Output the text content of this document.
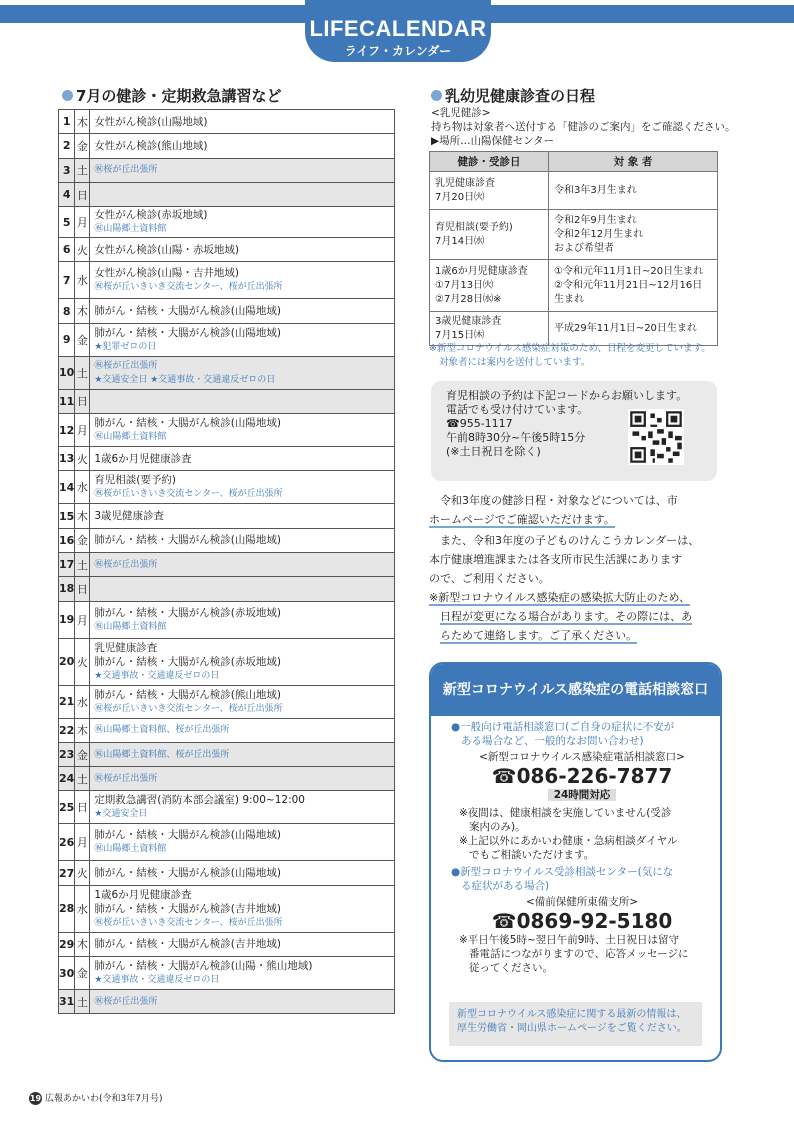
LIFECALENDAR
ライフ・カレンダー
7月の健診・定期救急講習など
1	木	女性がん検診(山陽地域)

2	金	女性がん検診(熊山地域)

3	土	㊗桜が丘出張所

4	日	
5	月	女性がん検診(赤坂地域)
㊗山陽郷土資料館

6	火	女性がん検診(山陽・赤坂地域)

7	水	女性がん検診(山陽・吉井地域)
㊗桜が丘いきいき交流センター、桜が丘出張所

8	木	肺がん・結核・大腸がん検診(山陽地域)

9	金	肺がん・結核・大腸がん検診(山陽地域)
★犯罪ゼロの日

10	土	㊗桜が丘出張所
★交通安全日 ★交通事故・交通違反ゼロの日

11	日	
12	月	肺がん・結核・大腸がん検診(山陽地域)
㊗山陽郷土資料館

13	火	1歳6か月児健康診査

14	水	育児相談(要予約)
㊗桜が丘いきいき交流センター、桜が丘出張所

15	木	3歳児健康診査

16	金	肺がん・結核・大腸がん検診(山陽地域)

17	土	㊗桜が丘出張所

18	日	
19	月	肺がん・結核・大腸がん検診(赤坂地域)
㊗山陽郷土資料館

20	火	乳児健康診査
肺がん・結核・大腸がん検診(赤坂地域)
★交通事故・交通違反ゼロの日

21	水	肺がん・結核・大腸がん検診(熊山地域)
㊗桜が丘いきいき交流センター、桜が丘出張所

22	木	㊗山陽郷土資料館、桜が丘出張所

23	金	㊗山陽郷土資料館、桜が丘出張所

24	土	㊗桜が丘出張所

25	日	定期救急講習(消防本部会議室) 9:00~12:00
★交通安全日

26	月	肺がん・結核・大腸がん検診(山陽地域)
㊗山陽郷土資料館

27	火	肺がん・結核・大腸がん検診(山陽地域)

28	水	1歳6か月児健康診査
肺がん・結核・大腸がん検診(吉井地域)
㊗桜が丘いきいき交流センター、桜が丘出張所

29	木	肺がん・結核・大腸がん検診(吉井地域)

30	金	肺がん・結核・大腸がん検診(山陽・熊山地域)
★交通事故・交通違反ゼロの日

31	土	㊗桜が丘出張所
乳幼児健康診査の日程
<乳児健診>
持ち物は対象者へ送付する「健診のご案内」をご確認ください。
▶場所…山陽保健センター
健診・受診日	対 象 者

乳児健康診査
7月20日㈫	令和3年3月生まれ

育児相談(要予約)
7月14日㈬	令和2年9月生まれ
令和2年12月生まれ
および希望者

1歳6か月児健康診査
①7月13日㈫
②7月28日㈬※	①令和元年11月1日~20日生まれ
②令和元年11月21日~12月16日生まれ

3歳児健康診査
7月15日㈭	平成29年11月1日~20日生まれ
※新型コロナウイルス感染症対策のため、日程を変更しています。
対象者には案内を送付しています。
育児相談の予約は下記コードからお願いします。
電話でも受け付けています。
☎955-1117
午前8時30分~午後5時15分
(※土日祝日を除く)
令和3年度の健診日程・対象などについては、市
ホームページでご確認いただけます。
また、令和3年度の子どものけんこうカレンダーは、
本庁健康増進課または各支所市民生活課にあります
ので、ご利用ください。
※新型コロナウイルス感染症の感染拡大防止のため、
日程が変更になる場合があります。その際には、あ
らためて連絡します。ご了承ください。
新型コロナウイルス感染症の電話相談窓口
●一般向け電話相談窓口(ご自身の症状に不安が
ある場合など、一般的なお問い合わせ)
<新型コロナウイルス感染症電話相談窓口>
☎086-226-7877
24時間対応
※夜間は、健康相談を実施していません(受診
案内のみ)。
※上記以外にあかいわ健康・急病相談ダイヤル
でもご相談いただけます。
●新型コロナウイルス受診相談センター(気にな
る症状がある場合)
<備前保健所東備支所>
☎0869-92-5180
※平日午後5時~翌日午前9時、土日祝日は留守
番電話につながりますので、応答メッセージに
従ってください。
新型コロナウイルス感染症に関する最新の情報は、
厚生労働省・岡山県ホームページをご覧ください。
19 広報あかいわ(令和3年7月号)
